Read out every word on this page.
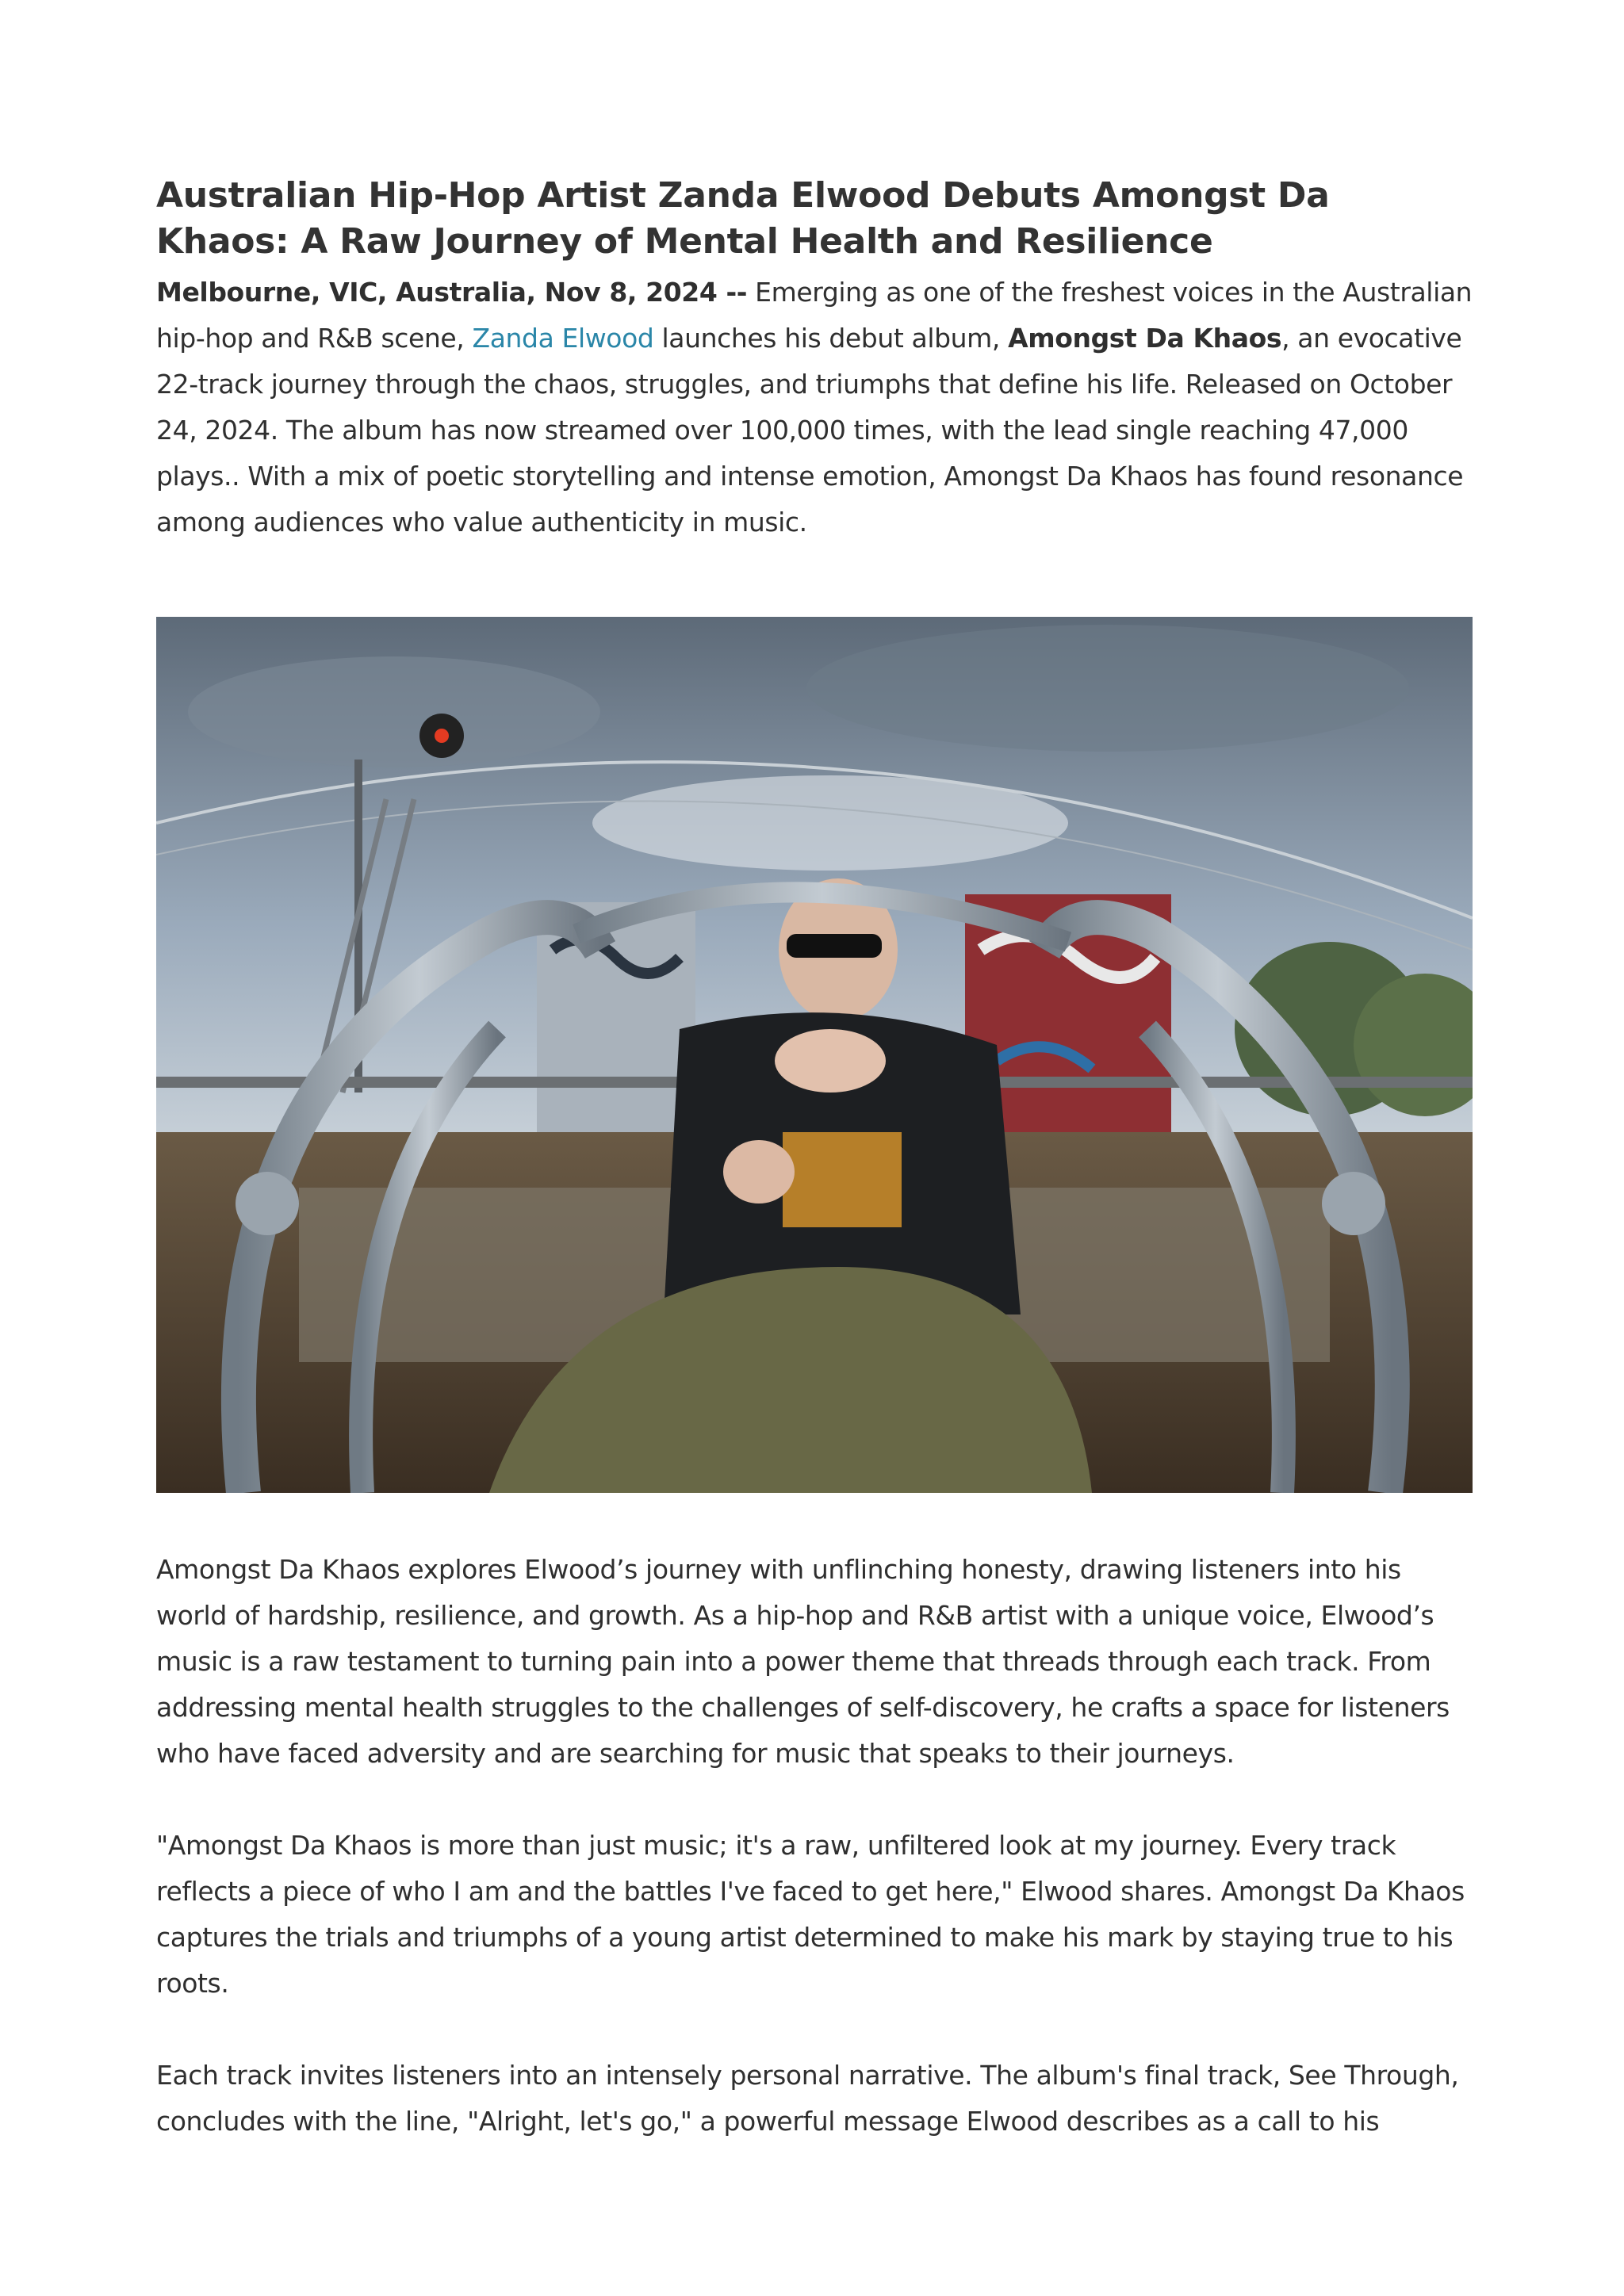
Australian Hip-Hop Artist Zanda Elwood Debuts Amongst Da Khaos: A Raw Journey of Mental Health and Resilience

Melbourne, VIC, Australia, Nov 8, 2024 -- Emerging as one of the freshest voices in the Australian hip-hop and R&B scene, Zanda Elwood launches his debut album, Amongst Da Khaos, an evocative 22-track journey through the chaos, struggles, and triumphs that define his life. Released on October 24, 2024. The album has now streamed over 100,000 times, with the lead single reaching 47,000 plays.. With a mix of poetic storytelling and intense emotion, Amongst Da Khaos has found resonance among audiences who value authenticity in music.

Amongst Da Khaos explores Elwood’s journey with unflinching honesty, drawing listeners into his world of hardship, resilience, and growth. As a hip-hop and R&B artist with a unique voice, Elwood’s music is a raw testament to turning pain into a power theme that threads through each track. From addressing mental health struggles to the challenges of self-discovery, he crafts a space for listeners who have faced adversity and are searching for music that speaks to their journeys.

"Amongst Da Khaos is more than just music; it's a raw, unfiltered look at my journey. Every track reflects a piece of who I am and the battles I've faced to get here," Elwood shares. Amongst Da Khaos captures the trials and triumphs of a young artist determined to make his mark by staying true to his roots.

Each track invites listeners into an intensely personal narrative. The album's final track, See Through, concludes with the line, "Alright, let's go," a powerful message Elwood describes as a call to his
